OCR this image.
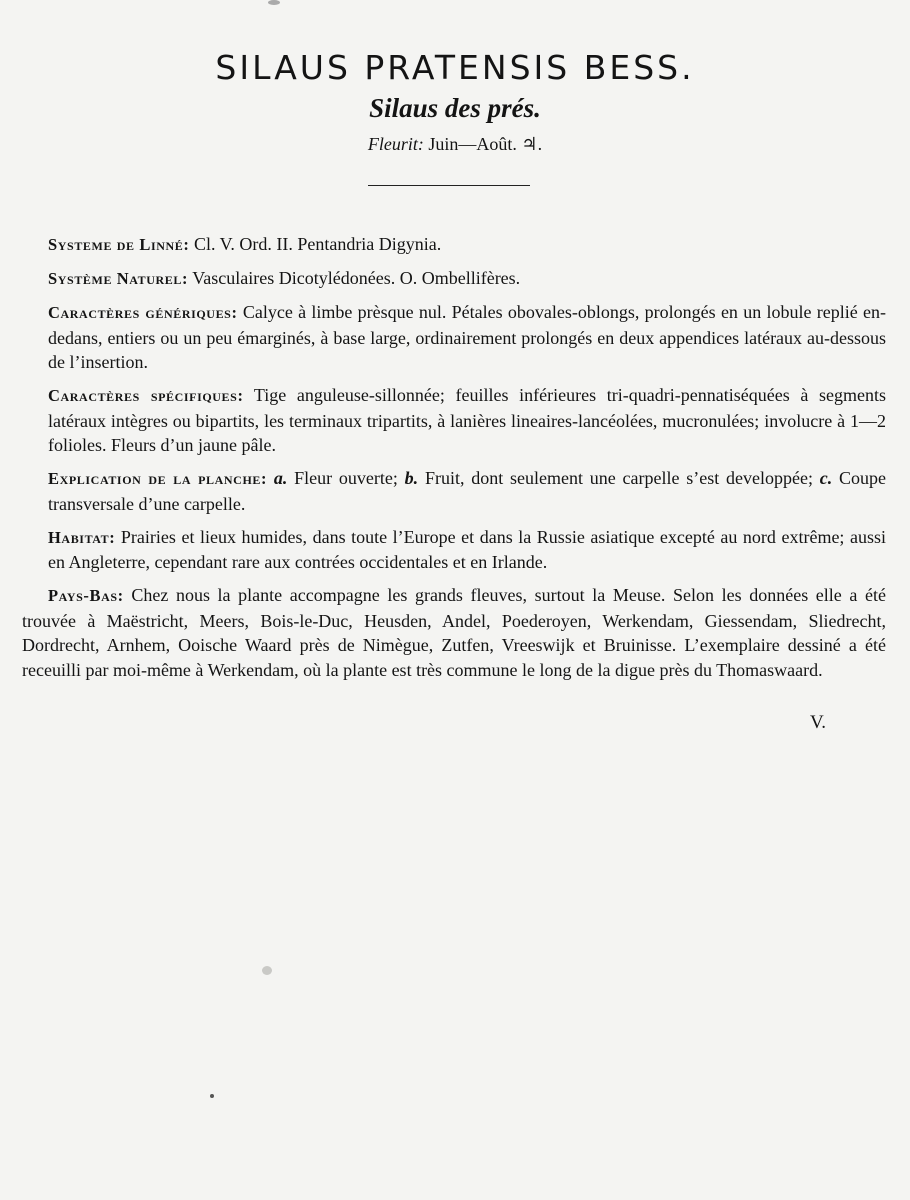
SILAUS PRATENSIS BESS.
Silaus des prés.
Fleurit: Juin—Août. ♃.

Systeme de Linné: Cl. V. Ord. II. Pentandria Digynia.

Système Naturel: Vasculaires Dicotylédonées. O. Ombellifères.

Caractères génériques: Calyce à limbe prèsque nul. Pétales obovales-oblongs, prolongés en un lobule replié en-dedans, entiers ou un peu émarginés, à base large, ordinairement prolongés en deux appendices latéraux au-dessous de l’insertion.

Caractères spécifiques: Tige anguleuse-sillonnée; feuilles inférieures tri-quadri-pennatiséquées à segments latéraux intègres ou bipartits, les terminaux tripartits, à lanières lineaires-lancéolées, mucronulées; involucre à 1—2 folioles. Fleurs d’un jaune pâle.

Explication de la planche: a. Fleur ouverte; b. Fruit, dont seulement une carpelle s’est developpée; c. Coupe transversale d’une carpelle.

Habitat: Prairies et lieux humides, dans toute l’Europe et dans la Russie asiatique excepté au nord extrême; aussi en Angleterre, cependant rare aux contrées occidentales et en Irlande.

Pays-Bas: Chez nous la plante accompagne les grands fleuves, surtout la Meuse. Selon les données elle a été trouvée à Maëstricht, Meers, Bois-le-Duc, Heusden, Andel, Poederoyen, Werkendam, Giessendam, Sliedrecht, Dordrecht, Arnhem, Ooische Waard près de Nimègue, Zutfen, Vreeswijk et Bruinisse. L’exemplaire dessiné a été receuilli par moi-même à Werkendam, où la plante est très commune le long de la digue près du Thomaswaard.

V.
